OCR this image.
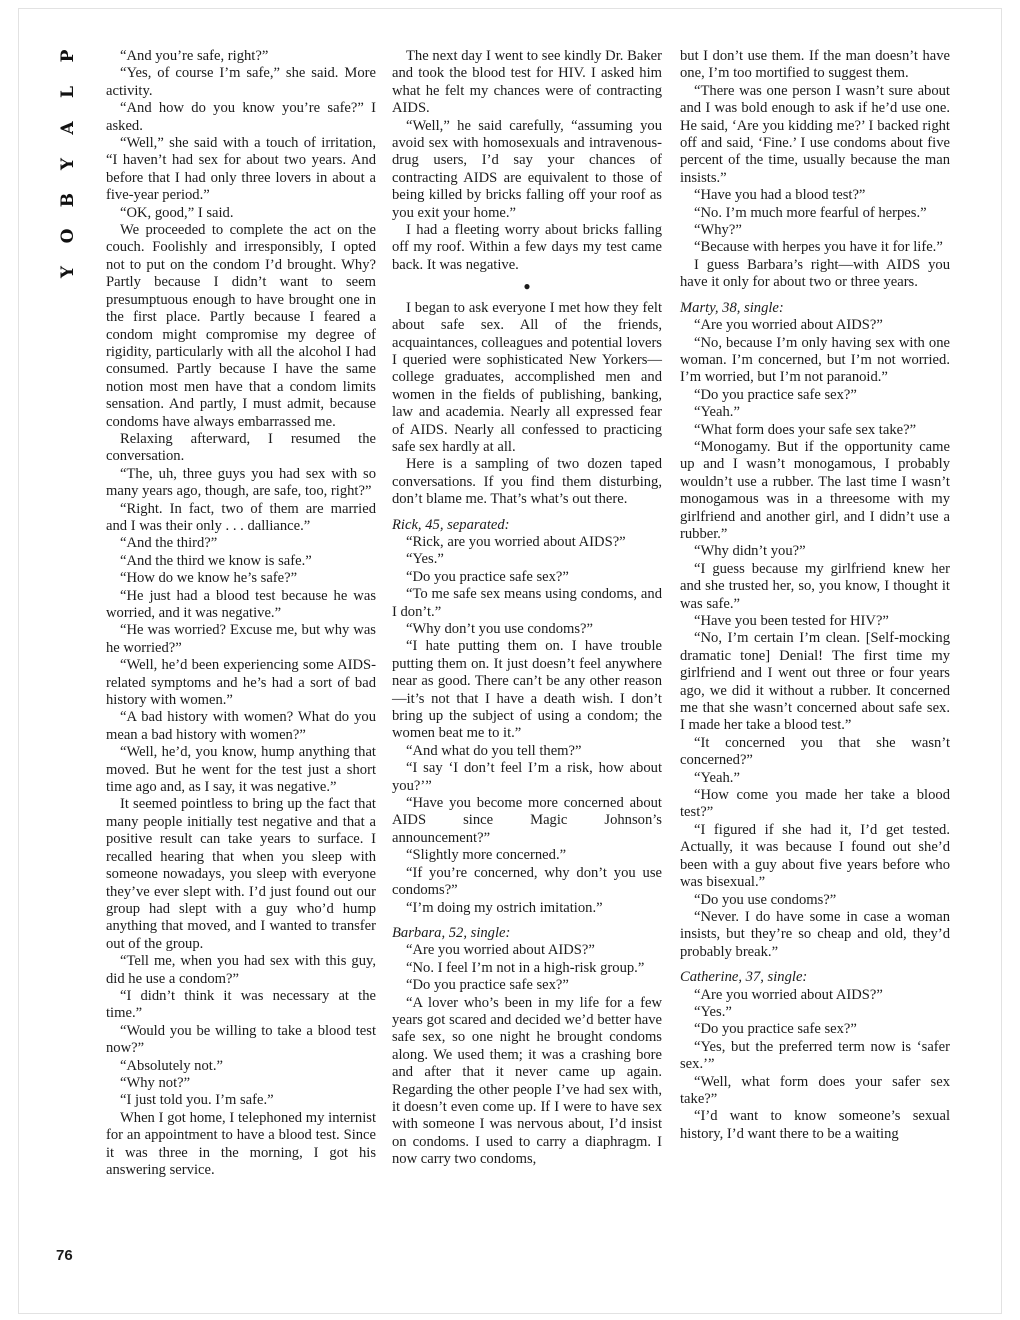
P
L
A
Y
B
O
Y
76

“And you’re safe, right?”

“Yes, of course I’m safe,” she said. More activity.

“And how do you know you’re safe?” I asked.

“Well,” she said with a touch of irritation, “I haven’t had sex for about two years. And before that I had only three lovers in about a five-year period.”

“OK, good,” I said.

We proceeded to complete the act on the couch. Foolishly and irresponsibly, I opted not to put on the condom I’d brought. Why? Partly because I didn’t want to seem presumptuous enough to have brought one in the first place. Partly because I feared a condom might compromise my degree of rigidity, particularly with all the alcohol I had consumed. Partly because I have the same notion most men have that a condom limits sensation. And partly, I must admit, because condoms have always embarrassed me.

Relaxing afterward, I resumed the conversation.

“The, uh, three guys you had sex with so many years ago, though, are safe, too, right?”

“Right. In fact, two of them are married and I was their only . . . dalliance.”

“And the third?”

“And the third we know is safe.”

“How do we know he’s safe?”

“He just had a blood test because he was worried, and it was negative.”

“He was worried? Excuse me, but why was he worried?”

“Well, he’d been experiencing some AIDS-related symptoms and he’s had a sort of bad history with women.”

“A bad history with women? What do you mean a bad history with women?”

“Well, he’d, you know, hump anything that moved. But he went for the test just a short time ago and, as I say, it was negative.”

It seemed pointless to bring up the fact that many people initially test negative and that a positive result can take years to surface. I recalled hearing that when you sleep with someone nowadays, you sleep with everyone they’ve ever slept with. I’d just found out our group had slept with a guy who’d hump anything that moved, and I wanted to transfer out of the group.

“Tell me, when you had sex with this guy, did he use a condom?”

“I didn’t think it was necessary at the time.”

“Would you be willing to take a blood test now?”

“Absolutely not.”

“Why not?”

“I just told you. I’m safe.”

When I got home, I telephoned my internist for an appointment to have a blood test. Since it was three in the morning, I got his answering service.

The next day I went to see kindly Dr. Baker and took the blood test for HIV. I asked him what he felt my chances were of contracting AIDS.

“Well,” he said carefully, “assuming you avoid sex with homosexuals and intravenous-drug users, I’d say your chances of contracting AIDS are equivalent to those of being killed by bricks falling off your roof as you exit your home.”

I had a fleeting worry about bricks falling off my roof. Within a few days my test came back. It was negative.

●

I began to ask everyone I met how they felt about safe sex. All of the friends, acquaintances, colleagues and potential lovers I queried were sophisticated New Yorkers—college graduates, accomplished men and women in the fields of publishing, banking, law and academia. Nearly all expressed fear of AIDS. Nearly all confessed to practicing safe sex hardly at all.

Here is a sampling of two dozen taped conversations. If you find them disturbing, don’t blame me. That’s what’s out there.

Rick, 45, separated:

“Rick, are you worried about AIDS?”

“Yes.”

“Do you practice safe sex?”

“To me safe sex means using condoms, and I don’t.”

“Why don’t you use condoms?”

“I hate putting them on. I have trouble putting them on. It just doesn’t feel anywhere near as good. There can’t be any other reason—it’s not that I have a death wish. I don’t bring up the subject of using a condom; the women beat me to it.”

“And what do you tell them?”

“I say ‘I don’t feel I’m a risk, how about you?’”

“Have you become more concerned about AIDS since Magic Johnson’s announcement?”

“Slightly more concerned.”

“If you’re concerned, why don’t you use condoms?”

“I’m doing my ostrich imitation.”

Barbara, 52, single:

“Are you worried about AIDS?”

“No. I feel I’m not in a high-risk group.”

“Do you practice safe sex?”

“A lover who’s been in my life for a few years got scared and decided we’d better have safe sex, so one night he brought condoms along. We used them; it was a crashing bore and after that it never came up again. Regarding the other people I’ve had sex with, it doesn’t even come up. If I were to have sex with someone I was nervous about, I’d insist on condoms. I used to carry a diaphragm. I now carry two condoms,

but I don’t use them. If the man doesn’t have one, I’m too mortified to suggest them.

“There was one person I wasn’t sure about and I was bold enough to ask if he’d use one. He said, ‘Are you kidding me?’ I backed right off and said, ‘Fine.’ I use condoms about five percent of the time, usually because the man insists.”

“Have you had a blood test?”

“No. I’m much more fearful of herpes.”

“Why?”

“Because with herpes you have it for life.”

I guess Barbara’s right—with AIDS you have it only for about two or three years.

Marty, 38, single:

“Are you worried about AIDS?”

“No, because I’m only having sex with one woman. I’m concerned, but I’m not worried. I’m worried, but I’m not paranoid.”

“Do you practice safe sex?”

“Yeah.”

“What form does your safe sex take?”

“Monogamy. But if the opportunity came up and I wasn’t monogamous, I probably wouldn’t use a rubber. The last time I wasn’t monogamous was in a threesome with my girlfriend and another girl, and I didn’t use a rubber.”

“Why didn’t you?”

“I guess because my girlfriend knew her and she trusted her, so, you know, I thought it was safe.”

“Have you been tested for HIV?”

“No, I’m certain I’m clean. [Self-mocking dramatic tone] Denial! The first time my girlfriend and I went out three or four years ago, we did it without a rubber. It concerned me that she wasn’t concerned about safe sex. I made her take a blood test.”

“It concerned you that she wasn’t concerned?”

“Yeah.”

“How come you made her take a blood test?”

“I figured if she had it, I’d get tested. Actually, it was because I found out she’d been with a guy about five years before who was bisexual.”

“Do you use condoms?”

“Never. I do have some in case a woman insists, but they’re so cheap and old, they’d probably break.”

Catherine, 37, single:

“Are you worried about AIDS?”

“Yes.”

“Do you practice safe sex?”

“Yes, but the preferred term now is ‘safer sex.’”

“Well, what form does your safer sex take?”

“I’d want to know someone’s sexual history, I’d want there to be a waiting
